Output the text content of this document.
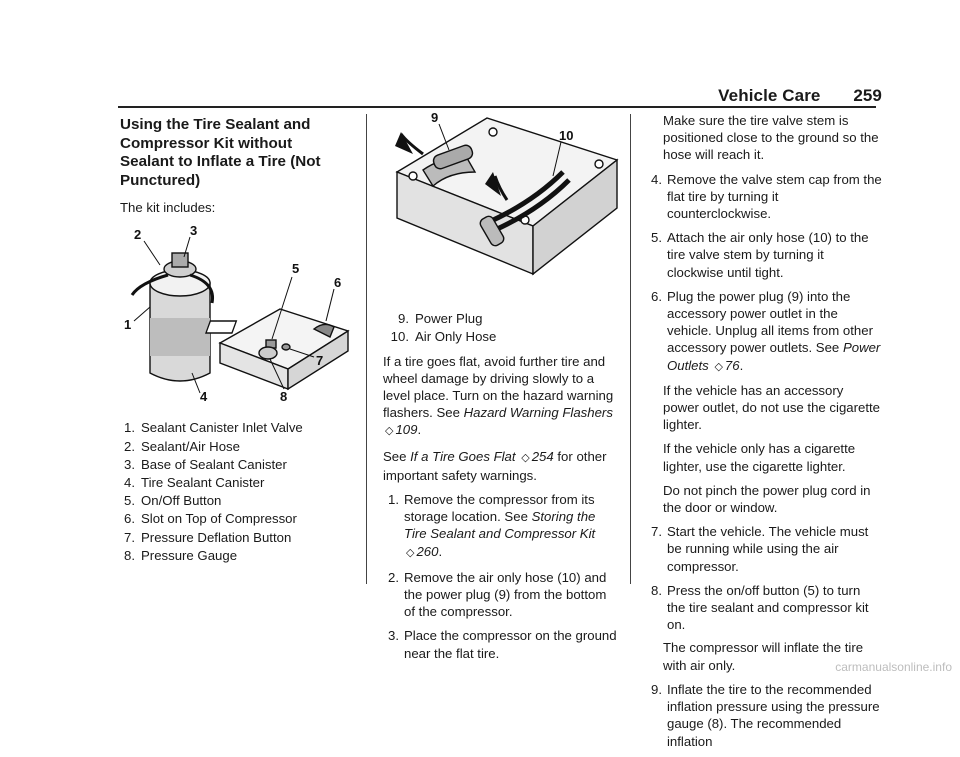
Vehicle Care 259
Using the Tire Sealant and Compressor Kit without Sealant to Inflate a Tire (Not Punctured)

The kit includes:

2	3
1
4
5
6
7
8
1. Sealant Canister Inlet Valve
2. Sealant/Air Hose
3. Base of Sealant Canister
4. Tire Sealant Canister
5. On/Off Button
6. Slot on Top of Compressor
7. Pressure Deflation Button
8. Pressure Gauge
9
10
9. Power Plug
10. Air Only Hose

If a tire goes flat, avoid further tire and wheel damage by driving slowly to a level place. Turn on the hazard warning flashers. See Hazard Warning Flashers ◇ 109.

See If a Tire Goes Flat ◇ 254 for other important safety warnings.

1. Remove the compressor from its storage location. See Storing the Tire Sealant and Compressor Kit ◇ 260.
2. Remove the air only hose (10) and the power plug (9) from the bottom of the compressor.
3. Place the compressor on the ground near the flat tire.

Make sure the tire valve stem is positioned close to the ground so the hose will reach it.

4. Remove the valve stem cap from the flat tire by turning it counterclockwise.
5. Attach the air only hose (10) to the tire valve stem by turning it clockwise until tight.
6. Plug the power plug (9) into the accessory power outlet in the vehicle. Unplug all items from other accessory power outlets. See Power Outlets ◇ 76.

If the vehicle has an accessory power outlet, do not use the cigarette lighter.

If the vehicle only has a cigarette lighter, use the cigarette lighter.

Do not pinch the power plug cord in the door or window.

7. Start the vehicle. The vehicle must be running while using the air compressor.
8. Press the on/off button (5) to turn the tire sealant and compressor kit on.

The compressor will inflate the tire with air only.

9. Inflate the tire to the recommended inflation pressure using the pressure gauge (8). The recommended inflation
carmanualsonline.info
